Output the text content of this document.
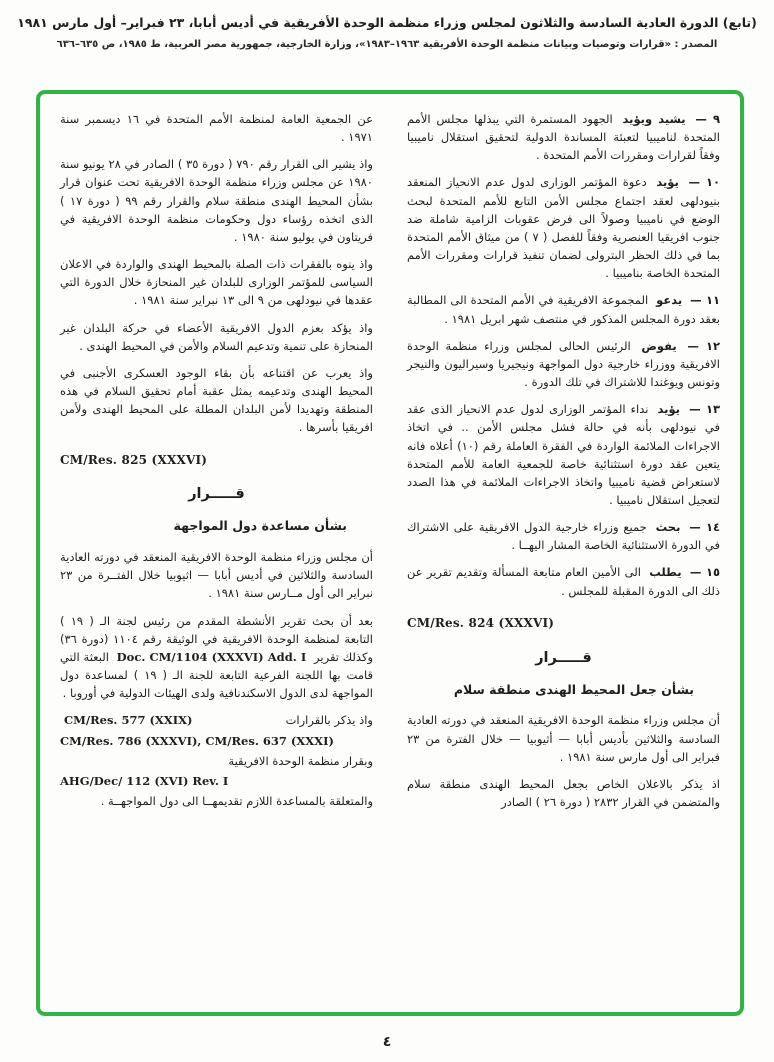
(تابع) الدورة العادية السادسة والثلاثون لمجلس وزراء منظمة الوحدة الأفريقية في أديس أبابا، ٢٣ فبراير– أول مارس ١٩٨١
المصدر : «قرارات وتوصيات وبيانات منظمة الوحدة الأفريقية ١٩٦٣–١٩٨٣»، وزارة الخارجية، جمهورية مصر العربية، ط ١٩٨٥، ص ٦٣٥–٦٣٦

٩ — يشيد ويؤيد الجهود المستمرة التي يبذلها مجلس الأمم المتحدة لناميبيا لتعبئة المساندة الدولية لتحقيق استقلال ناميبيا وفقاً لقرارات ومقررات الأمم المتحدة .

١٠ — يؤيد دعوة المؤتمر الوزارى لدول عدم الانحياز المنعقد بنيودلهى لعقد اجتماع مجلس الأمن التابع للأمم المتحدة لبحث الوضع في ناميبيا وصولاً الى فرض عقوبات الزامية شاملة ضد جنوب افريقيا العنصرية وفقاً للفصل ( ٧ ) من ميثاق الأمم المتحدة بما في ذلك الحظر البترولى لضمان تنفيذ قرارات ومقررات الأمم المتحدة الخاصة بناميبيا .

١١ — يدعو المجموعة الافريقية في الأمم المتحدة الى المطالبة بعقد دورة المجلس المذكور في منتصف شهر ابريل ١٩٨١ .

١٢ — يفوض الرئيس الحالى لمجلس وزراء منظمة الوحدة الافريقية ووزراء خارجية دول المواجهة ونيجيريا وسيراليون والنيجر وتونس ويوغندا للاشتراك في تلك الدورة .

١٣ — يؤيد نداء المؤتمر الوزارى لدول عدم الانحياز الذى عقد في نيودلهى بأنه في حالة فشل مجلس الأمن .. في اتخاذ الاجراءات الملائمة الواردة في الفقرة العاملة رقم (١٠) أعلاه فانه يتعين عقد دورة استثنائية خاصة للجمعية العامة للأمم المتحدة لاستعراض قضية ناميبيا واتخاذ الاجراءات الملائمة في هذا الصدد لتعجيل استقلال ناميبيا .

١٤ — بحث جميع وزراء خارجية الدول الافريقية على الاشتراك في الدورة الاستثنائية الخاصة المشار اليهــا .

١٥ — يطلب الى الأمين العام متابعة المسألة وتقديم تقرير عن ذلك الى الدورة المقبلة للمجلس .

CM/Res. 824 (XXXVI)

قـــــرار

بشأن جعل المحيط الهندى منطقة سلام

أن مجلس وزراء منظمة الوحدة الافريقية المنعقد في دورته العادية السادسة والثلاثين بأديس أبابا — أثيوبيا — خلال الفترة من ٢٣ فبراير الى أول مارس سنة ١٩٨١ .

اذ يذكر بالاعلان الخاص بجعل المحيط الهندى منطقة سلام والمتضمن في القرار ٢٨٣٢ ( دورة ٢٦ ) الصادر

عن الجمعية العامة لمنظمة الأمم المتحدة في ١٦ ديسمبر سنة ١٩٧١ .

واذ يشير الى القرار رقم ٧٩٠ ( دورة ٣٥ ) الصادر في ٢٨ يونيو سنة ١٩٨٠ عن مجلس وزراء منظمة الوحدة الافريقية تحت عنوان قرار بشأن المحيط الهندى منطقة سلام والقرار رقم ٩٩ ( دورة ١٧ ) الذى اتخذه رؤساء دول وحكومات منظمة الوحدة الافريقية في فريتاون في يوليو سنة ١٩٨٠ .

واذ ينوه بالفقرات ذات الصلة بالمحيط الهندى والواردة في الاعلان السياسى للمؤتمر الوزارى للبلدان غير المنحازة خلال الدورة التي عقدها في نيودلهى من ٩ الى ١٣ نبراير سنة ١٩٨١ .

واذ يؤكد بعزم الدول الافريقية الأعضاء في حركة البلدان غير المنحازة على تنمية وتدعيم السلام والأمن في المحيط الهندى .

واذ يعرب عن اقتناعه بأن بقاء الوجود العسكرى الأجنبى في المحيط الهندى وتدعيمه يمثل عقبة أمام تحقيق السلام في هذه المنطقة وتهديدا لأمن البلدان المطلة على المحيط الهندى ولأمن افريقيا بأسرها .

CM/Res. 825 (XXXVI)

قـــــرار

بشأن مساعدة دول المواجهة

أن مجلس وزراء منظمة الوحدة الافريقية المنعقد في دورته العادية السادسة والثلاثين في أديس أبابا — اثيوبيا خلال الفتــرة من ٢٣ نبراير الى أول مــارس سنة ١٩٨١ .

بعد أن بحث تقرير الأنشطة المقدم من رئيس لجنة الـ ( ١٩ ) التابعة لمنظمة الوحدة الافريقية في الوثيقة رقم ١١٠٤ (دورة ٣٦) وكذلك تقرير Doc. CM/1104 (XXXVI) Add. I البعثة التي قامت بها اللجنة الفرعية التابعة للجنة الـ ( ١٩ ) لمساعدة دول المواجهة لدى الدول الاسكندنافية ولدى الهيئات الدولية في أوروبا .

واذ يذكر بالقرارات
CM/Res. 577 (XXIX)
CM/Res. 786 (XXXVI), CM/Res. 637 (XXXI)
وبقرار منظمة الوحدة الافريقية
AHG/Dec/ 112 (XVI) Rev. I
والمتعلقة بالمساعدة اللازم تقديمهــا الى دول المواجهــة .
٤
